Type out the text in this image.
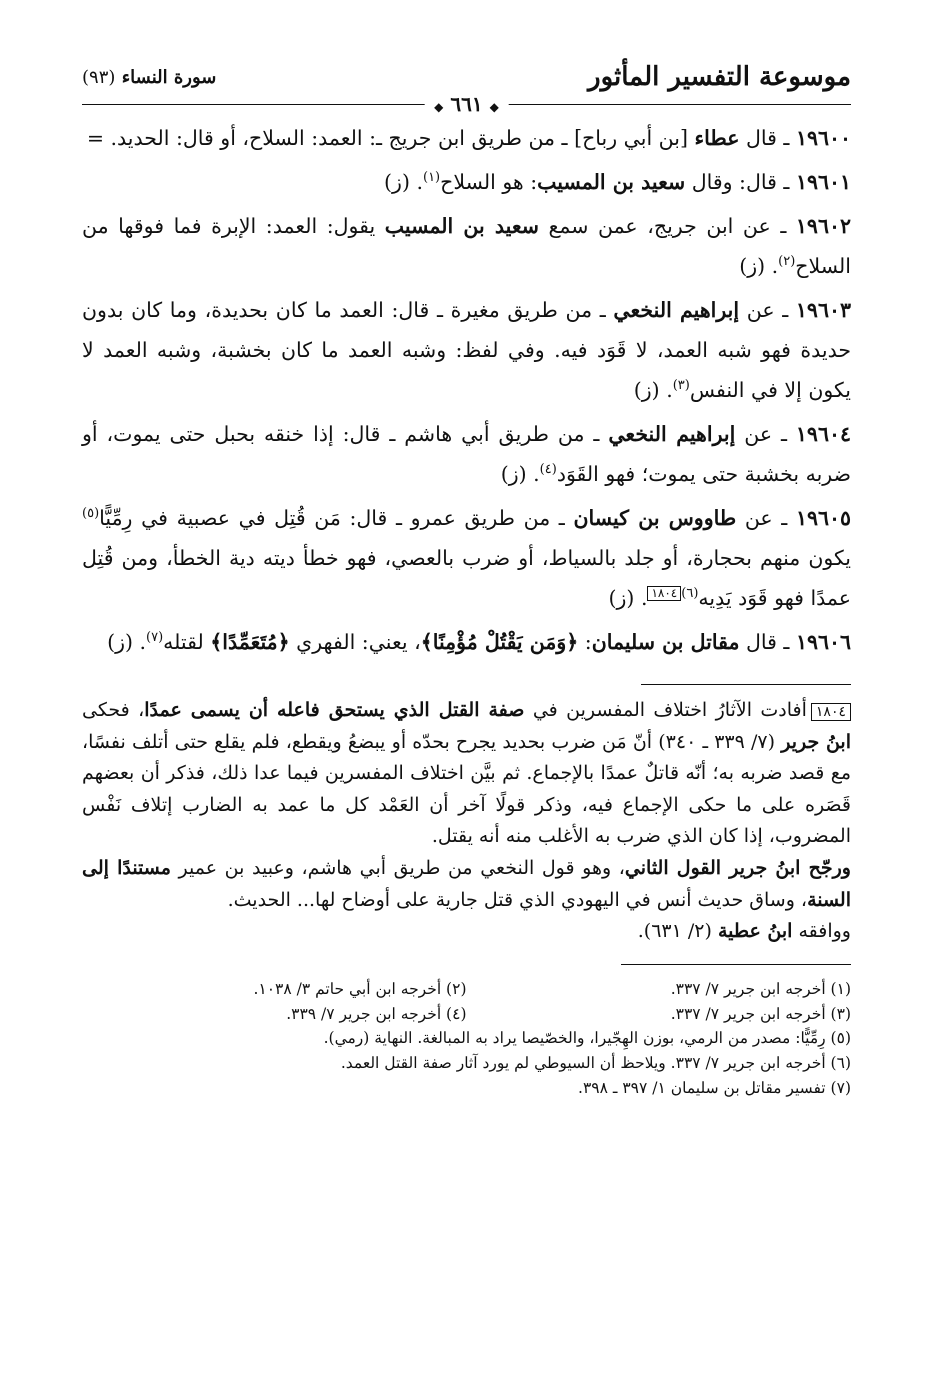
موسوعة التفسير المأثور
سورة النساء (٩٣)
◆ ٦٦١ ◆

١٩٦٠٠ ـ قال عطاء [بن أبي رباح] ـ من طريق ابن جريج ـ: العمد: السلاح، أو قال: الحديد. =

١٩٦٠١ ـ قال: وقال سعيد بن المسيب: هو السلاح$^{(١)}$. (ز)

١٩٦٠٢ ـ عن ابن جريج، عمن سمع سعيد بن المسيب يقول: العمد: الإبرة فما فوقها من السلاح$^{(٢)}$. (ز)

١٩٦٠٣ ـ عن إبراهيم النخعي ـ من طريق مغيرة ـ قال: العمد ما كان بحديدة، وما كان بدون حديدة فهو شبه العمد، لا قَوَد فيه. وفي لفظ: وشبه العمد ما كان بخشبة، وشبه العمد لا يكون إلا في النفس$^{(٣)}$. (ز)

١٩٦٠٤ ـ عن إبراهيم النخعي ـ من طريق أبي هاشم ـ قال: إذا خنقه بحبل حتى يموت، أو ضربه بخشبة حتى يموت؛ فهو القَوَد$^{(٤)}$. (ز)

١٩٦٠٥ ـ عن طاووس بن كيسان ـ من طريق عمرو ـ قال: مَن قُتِل في عصبية في رِمِّيًّا$^{(٥)}$ يكون منهم بحجارة، أو جلد بالسياط، أو ضرب بالعصي، فهو خطأ ديته دية الخطأ، ومن قُتِل عمدًا فهو قَوَد يَدِيه$^{(٦)}$١٨٠٤. (ز)

١٩٦٠٦ ـ قال مقاتل بن سليمان: ﴿وَمَن يَقْتُلْ مُؤْمِنًا﴾، يعني: الفهري ﴿مُتَعَمِّدًا﴾ لقتله$^{(٧)}$. (ز)

١٨٠٤أفادت الآثارُ اختلاف المفسرين في صفة القتل الذي يستحق فاعله أن يسمى عمدًا، فحكى ابنُ جرير (٧/ ٣٣٩ ـ ٣٤٠) أنّ مَن ضرب بحديد يجرح بحدّه أو يبضعُ ويقطع، فلم يقلع حتى أتلف نفسًا، مع قصد ضربه به؛ أنّه قاتلٌ عمدًا بالإجماع. ثم بيَّن اختلاف المفسرين فيما عدا ذلك، فذكر أن بعضهم قَصَره على ما حكى الإجماع فيه، وذكر قولًا آخر أن العَمْد كل ما عمد به الضارب إتلاف نَفْس المضروب، إذا كان الذي ضرب به الأغلب منه أنه يقتل.

ورجّح ابنُ جرير القول الثاني، وهو قول النخعي من طريق أبي هاشم، وعبيد بن عمير مستندًا إلى السنة، وساق حديث أنس في اليهودي الذي قتل جارية على أوضاح لها... الحديث.

ووافقه ابنُ عطية (٢/ ٦٣١).

(١) أخرجه ابن جرير ٧/ ٣٣٧.
(٢) أخرجه ابن أبي حاتم ٣/ ١٠٣٨.
(٣) أخرجه ابن جرير ٧/ ٣٣٧.
(٤) أخرجه ابن جرير ٧/ ٣٣٩.
(٥) رِمِّيًّا: مصدر من الرمي، بوزن الهِجّيرا، والخصّيصا يراد به المبالغة. النهاية (رمي).
(٦) أخرجه ابن جرير ٧/ ٣٣٧. ويلاحظ أن السيوطي لم يورد آثار صفة القتل العمد.
(٧) تفسير مقاتل بن سليمان ١/ ٣٩٧ ـ ٣٩٨.
